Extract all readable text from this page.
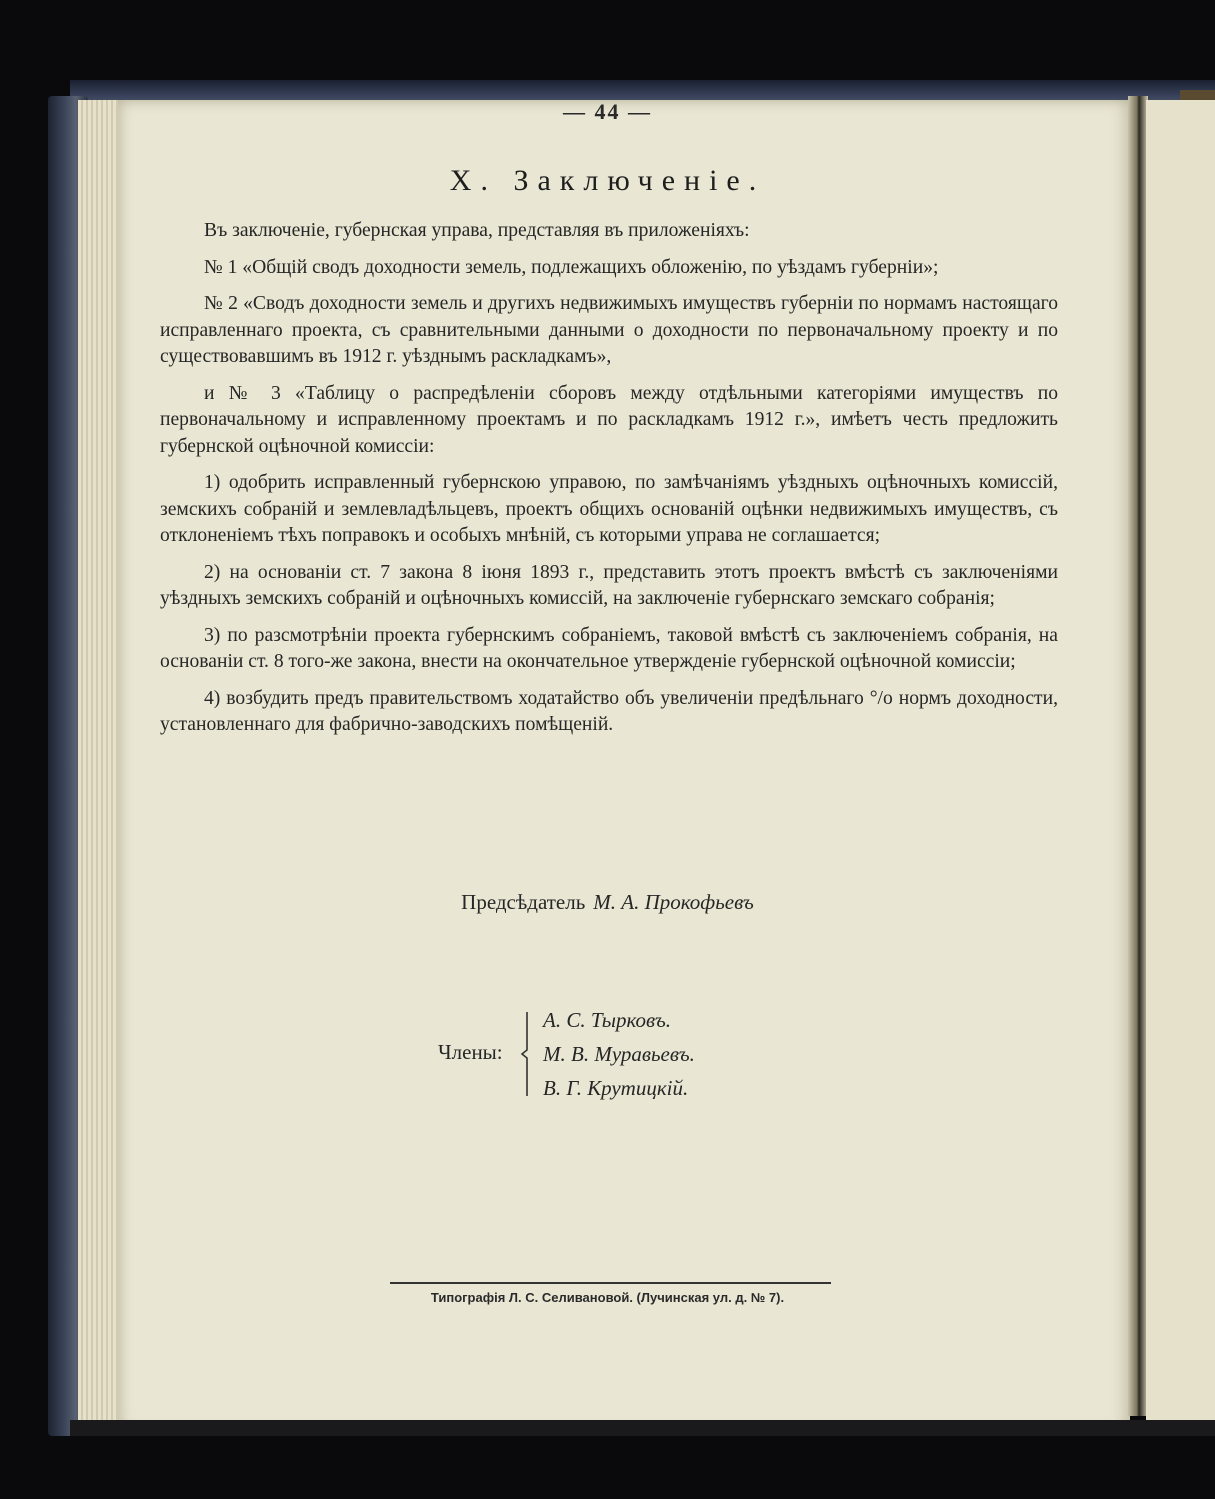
— 44 —
X. Заключенiе.

Въ заключенiе, губернская управа, представляя въ приложенiяхъ:

№ 1 «Общiй сводъ доходности земель, подлежащихъ обложенiю, по уѣздамъ губернiи»;

№ 2 «Сводъ доходности земель и другихъ недвижимыхъ имуществъ губернiи по нормамъ настоящаго исправленнаго проекта, съ сравнительными данными о доходности по первоначальному проекту и по существовавшимъ въ 1912 г. уѣзднымъ раскладкамъ»,

и № 3 «Таблицу о распредѣленiи сборовъ между отдѣльными категорiями имуществъ по первоначальному и исправленному проектамъ и по раскладкамъ 1912 г.», имѣетъ честь предложить губернской оцѣночной комиссiи:

1) одобрить исправленный губернскою управою, по замѣчанiямъ уѣздныхъ оцѣночныхъ комиссiй, земскихъ собранiй и землевладѣльцевъ, проектъ общихъ основанiй оцѣнки недвижимыхъ имуществъ, съ отклоненiемъ тѣхъ поправокъ и особыхъ мнѣнiй, съ которыми управа не соглашается;

2) на основанiи ст. 7 закона 8 iюня 1893 г., представить этотъ проектъ вмѣстѣ съ заключенiями уѣздныхъ земскихъ собранiй и оцѣночныхъ комиссiй, на заключенiе губернскаго земскаго собранiя;

3) по разсмотрѣнiи проекта губернскимъ собранiемъ, таковой вмѣстѣ съ заключенiемъ собранiя, на основанiи ст. 8 того-же закона, внести на окончательное утвержденiе губернской оцѣночной комиссiи;

4) возбудить предъ правительствомъ ходатайство объ увеличенiи предѣльнаго °/о нормъ доходности, установленнаго для фабрично-заводскихъ помѣщенiй.

Предсѣдатель М. А. Прокофьевъ
Члены:
А. С. Тырковъ.
М. В. Муравьевъ.
В. Г. Крутицкiй.
Типографiя Л. С. Селивановой. (Лучинская ул. д. № 7).
